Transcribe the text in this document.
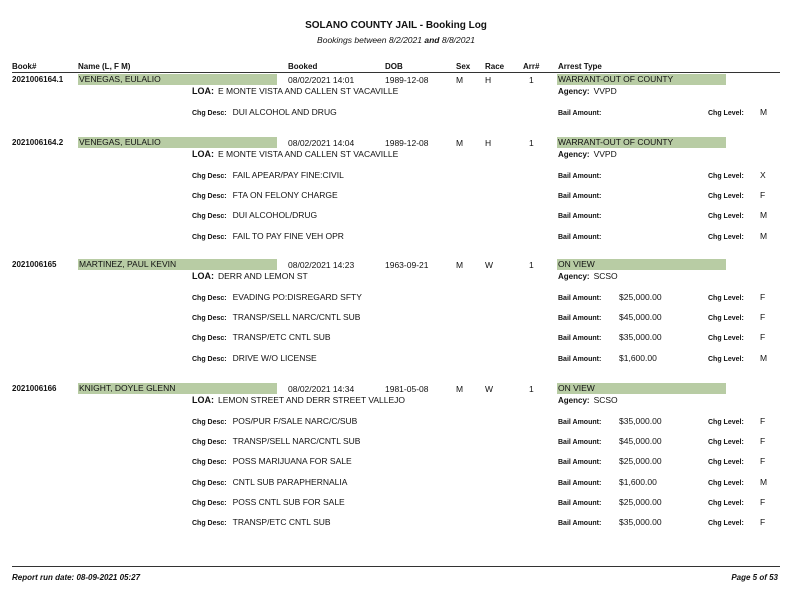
SOLANO COUNTY JAIL - Booking Log
Bookings between 8/2/2021 and 8/8/2021
Book#	Name (L, F M)	Booked	DOB	Sex Race Arr# Arrest Type
2021006164.1 VENEGAS, EULALIO	08/02/2021 14:01	1989-12-08	M	H	1	WARRANT-OUT OF COUNTY
LOA: E MONTE VISTA AND CALLEN ST VACAVILLE	Agency: VVPD
Chg Desc: DUI ALCOHOL AND DRUG	Bail Amount:	Chg Level:	M
2021006164.2 VENEGAS, EULALIO	08/02/2021 14:04	1989-12-08	M	H	1	WARRANT-OUT OF COUNTY
LOA: E MONTE VISTA AND CALLEN ST VACAVILLE	Agency: VVPD
Chg Desc: FAIL APEAR/PAY FINE:CIVIL	Bail Amount:	Chg Level:	X
Chg Desc: FTA ON FELONY CHARGE	Bail Amount:	Chg Level:	F
Chg Desc: DUI ALCOHOL/DRUG	Bail Amount:	Chg Level:	M
Chg Desc: FAIL TO PAY FINE VEH OPR	Bail Amount:	Chg Level:	M
2021006165	MARTINEZ, PAUL KEVIN	08/02/2021 14:23	1963-09-21	M	W	1	ON VIEW
LOA: DERR AND LEMON ST	Agency: SCSO
Chg Desc: EVADING PO:DISREGARD SFTY	Bail Amount:	$25,000.00	Chg Level:	F
Chg Desc: TRANSP/SELL NARC/CNTL SUB	Bail Amount:	$45,000.00	Chg Level:	F
Chg Desc: TRANSP/ETC CNTL SUB	Bail Amount:	$35,000.00	Chg Level:	F
Chg Desc: DRIVE W/O LICENSE	Bail Amount:	$1,600.00	Chg Level:	M
2021006166	KNIGHT, DOYLE GLENN	08/02/2021 14:34	1981-05-08	M	W	1	ON VIEW
LOA: LEMON STREET AND DERR STREET VALLEJO	Agency: SCSO
Chg Desc: POS/PUR F/SALE NARC/C/SUB	Bail Amount:	$35,000.00	Chg Level:	F
Chg Desc: TRANSP/SELL NARC/CNTL SUB	Bail Amount:	$45,000.00	Chg Level:	F
Chg Desc: POSS MARIJUANA FOR SALE	Bail Amount:	$25,000.00	Chg Level:	F
Chg Desc: CNTL SUB PARAPHERNALIA	Bail Amount:	$1,600.00	Chg Level:	M
Chg Desc: POSS CNTL SUB FOR SALE	Bail Amount:	$25,000.00	Chg Level:	F
Chg Desc: TRANSP/ETC CNTL SUB	Bail Amount:	$35,000.00	Chg Level:	F
Report run date: 08-09-2021 05:27	Page 5 of 53
